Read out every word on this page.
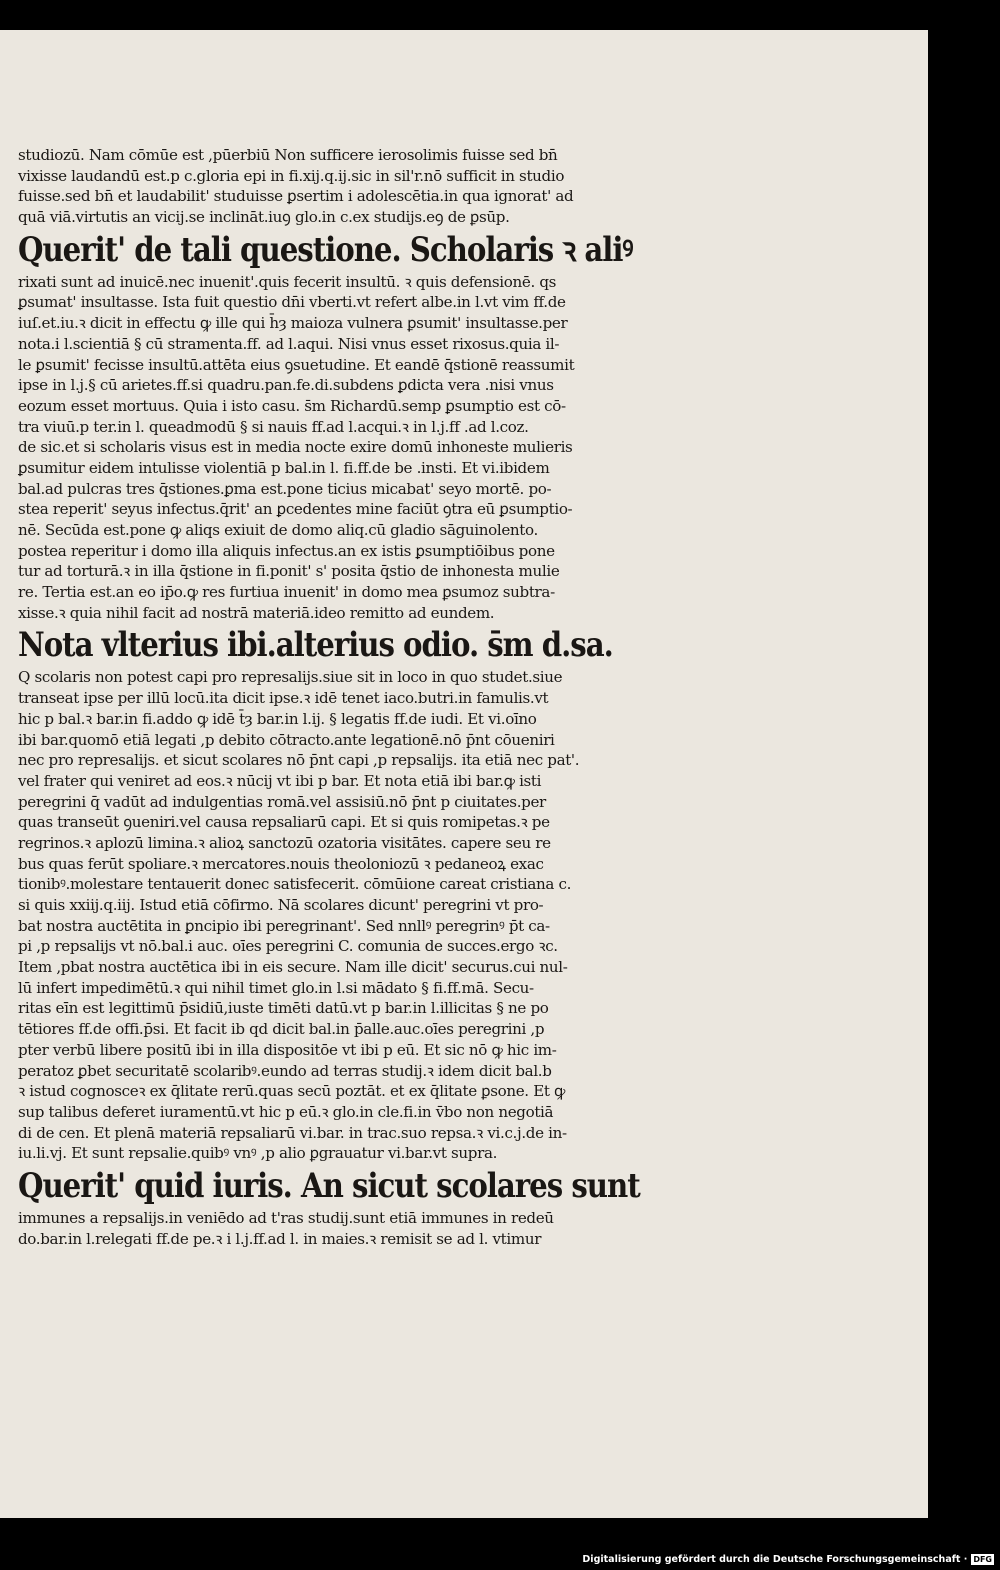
studiozū. Nam cōmūe est ,pūerbiū Non sufficere ierosolimis fuisse sed bn̄
vixisse laudandū est.p c.gloria epi in fi.xij.q.ij.sic in sil'r.nō sufficit in studio
fuisse.sed bn̄ et laudabilit' studuisse ꝑsertim i adolescētia.in qua ignorat' ad
quā viā.virtutis an vicij.se inclināt.iuꝯ glo.in c.ex studijs.eꝯ de ꝑsūp.
Querit' de tali questione. Scholaris ꝛ aliꝰ
rixati sunt ad inuicē.nec inuenit'.quis fecerit insultū. ꝛ quis defensionē. qs
ꝑsumat' insultasse. Ista fuit questio dn̄i vberti.vt refert albe.in l.vt vim ff.de
iuſ.et.iu.ꝛ dicit in effectu ꝙ ille qui h̄ȝ maioza vulnera ꝑsumit' insultasse.per
nota.i l.scientiā § cū stramenta.ff. ad l.aqui. Nisi vnus esset rixosus.quia il-
le ꝑsumit' fecisse insultū.attēta eius ꝯsuetudine. Et eandē q̄stionē reassumit
ipse in l.j.§ cū arietes.ff.si quadru.pan.fe.di.subdens ꝑdicta vera .nisi vnus
eozum esset mortuus. Quia i isto casu. s̄m Richardū.semp ꝑsumptio est cō-
tra viuū.p ter.in l. queadmodū § si nauis ff.ad l.acqui.ꝛ in l.j.ff .ad l.coz.
de sic.et si scholaris visus est in media nocte exire domū inhoneste mulieris
ꝑsumitur eidem intulisse violentiā p bal.in l. fi.ff.de be .insti. Et vi.ibidem
bal.ad pulcras tres q̄stiones.ꝑma est.pone ticius micabat' seyo mortē. po-
stea reperit' seyus infectus.q̄rit' an ꝑcedentes mine faciūt ꝯtra eū ꝑsumptio-
nē. Secūda est.pone ꝙ aliqs exiuit de domo aliq.cū gladio sāguinolento.
postea reperitur i domo illa aliquis infectus.an ex istis ꝑsumptiōibus pone
tur ad torturā.ꝛ in illa q̄stione in fi.ponit' s' posita q̄stio de inhonesta mulie
re. Tertia est.an eo ip̄o.ꝙ res furtiua inuenit' in domo mea ꝑsumoz subtra-
xisse.ꝛ quia nihil facit ad nostrā materiā.ideo remitto ad eundem.
Nota vlterius ibi.alterius odio. s̄m d.sa.
Q scolaris non potest capi pro represalijs.siue sit in loco in quo studet.siue
transeat ipse per illū locū.ita dicit ipse.ꝛ idē tenet iaco.butri.in famulis.vt
hic p bal.ꝛ bar.in fi.addo ꝙ idē t̄ȝ bar.in l.ij. § legatis ff.de iudi. Et vi.oīno
ibi bar.quomō etiā legati ,p debito cōtracto.ante legationē.nō p̄nt cōueniri
nec pro represalijs. et sicut scolares nō p̄nt capi ,p repsalijs. ita etiā nec pat'.
vel frater qui veniret ad eos.ꝛ nūcij vt ibi p bar. Et nota etiā ibi bar.ꝙ isti
peregrini q̄ vadūt ad indulgentias romā.vel assisiū.nō p̄nt p ciuitates.per
quas transeūt ꝯueniri.vel causa repsaliarū capi. Et si quis romipetas.ꝛ pe
regrinos.ꝛ aplozū limina.ꝛ alioꝝ sanctozū ozatoria visitātes. capere seu re
bus quas ferūt spoliare.ꝛ mercatores.nouis theoloniozū ꝛ pedaneoꝝ exac
tionibꝰ.molestare tentauerit donec satisfecerit. cōmūione careat cristiana c.
si quis xxiij.q.iij. Istud etiā cōfirmo. Nā scolares dicunt' peregrini vt pro-
bat nostra auctētita in ꝑncipio ibi peregrinant'. Sed nnllꝰ peregrinꝰ p̄t ca-
pi ,p repsalijs vt nō.bal.i auc. oīes peregrini C. comunia de succes.ergo ꝛc.
Item ,pbat nostra auctētica ibi in eis secure. Nam ille dicit' securus.cui nul-
lū infert impedimētū.ꝛ qui nihil timet glo.in l.si mādato § fi.ff.mā. Secu-
ritas eīn est legittimū p̄sidiū,iuste timēti datū.vt p bar.in l.illicitas § ne po
tētiores ff.de offi.p̄si. Et facit ib qd dicit bal.in p̄alle.auc.oīes peregrini ,p
pter verbū libere positū ibi in illa dispositōe vt ibi p eū. Et sic nō ꝙ hic im-
peratoz ꝑbet securitatē scolaribꝰ.eundo ad terras studij.ꝛ idem dicit bal.b
ꝛ istud cognosceꝛ ex q̄litate rerū.quas secū poztāt. et ex q̄litate ꝑsone. Et ꝙ
sup talibus deferet iuramentū.vt hic p eū.ꝛ glo.in cle.fi.in v̄bo non negotiā
di de cen. Et plenā materiā repsaliarū vi.bar. in trac.suo repsa.ꝛ vi.c.j.de in-
iu.li.vj. Et sunt repsalie.quibꝰ vnꝰ ,p alio ꝑgrauatur vi.bar.vt supra.
Querit' quid iuris. An sicut scolares sunt
immunes a repsalijs.in veniēdo ad t'ras studij.sunt etiā immunes in redeū
do.bar.in l.relegati ff.de pe.ꝛ i l.j.ff.ad l. in maies.ꝛ remisit se ad l. vtimur
Digitalisierung gefördert durch die Deutsche Forschungsgemeinschaft · DFG
